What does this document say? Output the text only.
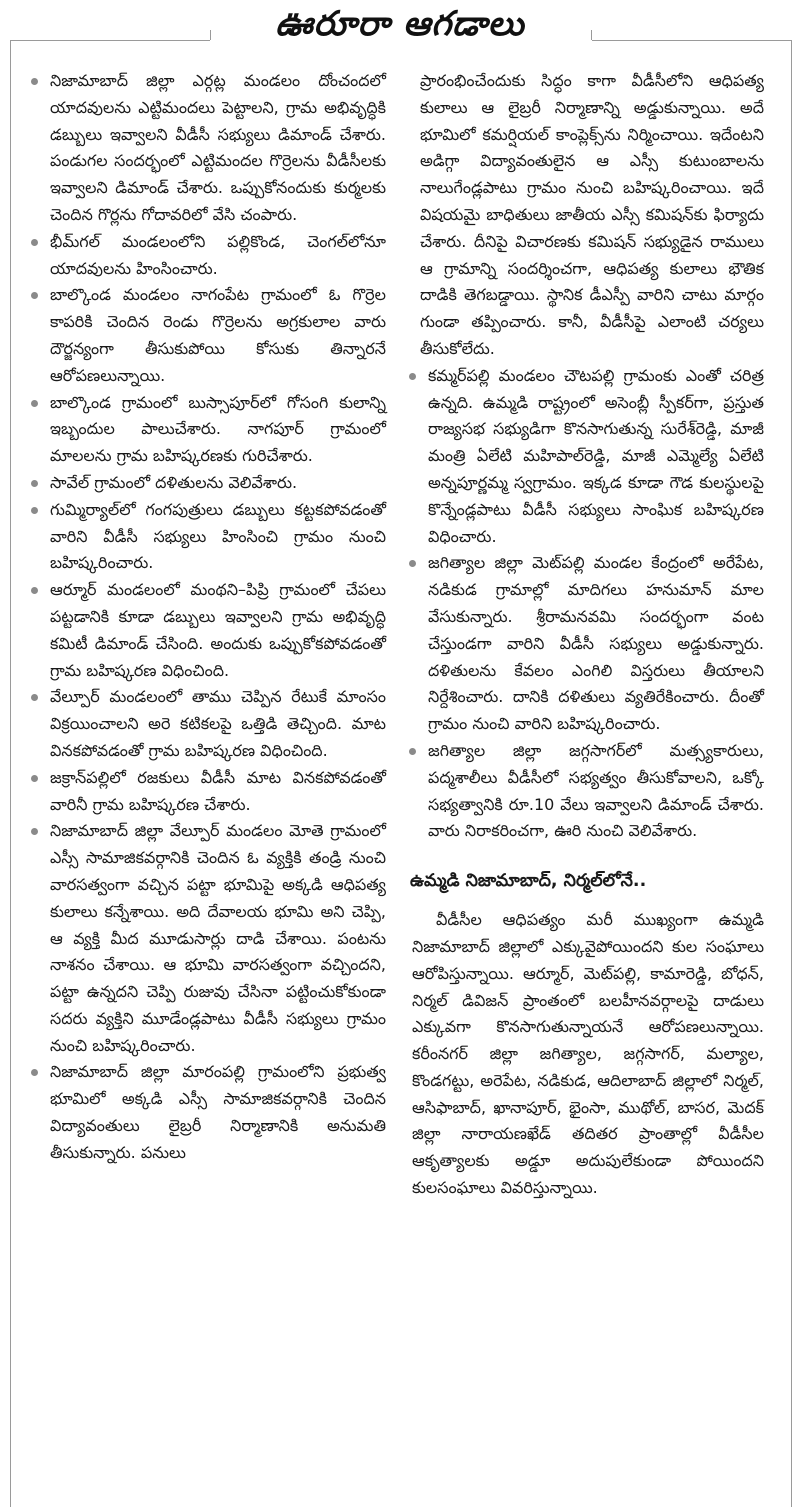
ఊరూరా ఆగడాలు
నిజామాబాద్ జిల్లా ఎర్గట్ల మండలం దోంచందలో యాదవులను ఎట్టిమందలు పెట్టాలని, గ్రామ అభివృద్ధికి డబ్బులు ఇవ్వాలని వీడీసీ సభ్యులు డిమాండ్ చేశారు. పండుగల సందర్భంలో ఎట్టిమందల గొర్రెలను వీడీసీలకు ఇవ్వాలని డిమాండ్ చేశారు. ఒప్పుకోనందుకు కుర్మలకు చెందిన గొర్లను గోదావరిలో వేసి చంపారు.
భీమ్‌గల్ మండలంలోని పల్లికొండ, చెంగల్‌లోనూ యాదవులను హింసించారు.
బాల్కొండ మండలం నాగంపేట గ్రామంలో ఓ గొర్రెల కాపరికి చెందిన రెండు గొర్రెలను అగ్రకులాల వారు దౌర్జన్యంగా తీసుకుపోయి కోసుకు తిన్నారనే ఆరోపణలున్నాయి.
బాల్కొండ గ్రామంలో బుస్సాపూర్‌లో గోసంగి కులాన్ని ఇబ్బందుల పాలుచేశారు. నాగపూర్ గ్రామంలో మాలలను గ్రామ బహిష్కరణకు గురిచేశారు.
సావేల్ గ్రామంలో దళితులను వెలివేశారు.
గుమ్మిర్యాల్‌లో గంగపుత్రులు డబ్బులు కట్టకపోవడంతో వారిని వీడీసీ సభ్యులు హింసించి గ్రామం నుంచి బహిష్కరించారు.
ఆర్మూర్ మండలంలో మంథని–పిప్రి గ్రామంలో చేపలు పట్టడానికి కూడా డబ్బులు ఇవ్వాలని గ్రామ అభివృద్ధి కమిటీ డిమాండ్ చేసింది. అందుకు ఒప్పుకోకపోవడంతో గ్రామ బహిష్కరణ విధించింది.
వేల్పూర్ మండలంలో తాము చెప్పిన రేటుకే మాంసం విక్రయించాలని అరె కటికలపై ఒత్తిడి తెచ్చింది. మాట వినకపోవడంతో గ్రామ బహిష్కరణ విధించింది.
జక్రాన్‌పల్లిలో రజకులు వీడీసీ మాట వినకపోవడంతో వారినీ గ్రామ బహిష్కరణ చేశారు.
నిజామాబాద్ జిల్లా వేల్పూర్ మండలం మోతె గ్రామంలో ఎస్సీ సామాజికవర్గానికి చెందిన ఓ వ్యక్తికి తండ్రి నుంచి వారసత్వంగా వచ్చిన పట్టా భూమిపై అక్కడి ఆధిపత్య కులాలు కన్నేశాయి. అది దేవాలయ భూమి అని చెప్పి, ఆ వ్యక్తి మీద మూడుసార్లు దాడి చేశాయి. పంటను నాశనం చేశాయి. ఆ భూమి వారసత్వంగా వచ్చిందని, పట్టా ఉన్నదని చెప్పి రుజువు చేసినా పట్టించుకోకుండా సదరు వ్యక్తిని మూడేండ్లపాటు వీడీసీ సభ్యులు గ్రామం నుంచి బహిష్కరించారు.
నిజామాబాద్ జిల్లా మారంపల్లి గ్రామంలోని ప్రభుత్వ భూమిలో అక్కడి ఎస్సీ సామాజికవర్గానికి చెందిన విద్యావంతులు లైబ్రరీ నిర్మాణానికి అనుమతి తీసుకున్నారు. పనులు
ప్రారంభించేందుకు సిద్ధం కాగా వీడీసీలోని ఆధిపత్య కులాలు ఆ లైబ్రరీ నిర్మాణాన్ని అడ్డుకున్నాయి. అదే భూమిలో కమర్షియల్ కాంప్లెక్స్‌ను నిర్మించాయి. ఇదేంటని అడిగ్గా విద్యావంతులైన ఆ ఎస్సీ కుటుంబాలను నాలుగేండ్లపాటు గ్రామం నుంచి బహిష్కరించాయి. ఇదే విషయమై బాధితులు జాతీయ ఎస్సీ కమిషన్‌కు ఫిర్యాదు చేశారు. దీనిపై విచారణకు కమిషన్ సభ్యుడైన రాములు ఆ గ్రామాన్ని సందర్శించగా, ఆధిపత్య కులాలు భౌతిక దాడికి తెగబడ్డాయి. స్థానిక డీఎస్పీ వారిని చాటు మార్గం గుండా తప్పించారు. కానీ, వీడీసీపై ఎలాంటి చర్యలు తీసుకోలేదు.
కమ్మర్‌పల్లి మండలం చౌటపల్లి గ్రామంకు ఎంతో చరిత్ర ఉన్నది. ఉమ్మడి రాష్ట్రంలో అసెంబ్లీ స్పీకర్‌గా, ప్రస్తుత రాజ్యసభ సభ్యుడిగా కొనసాగుతున్న సురేశ్‌రెడ్డి, మాజీ మంత్రి ఏలేటి మహిపాల్‌రెడ్డి, మాజీ ఎమ్మెల్యే ఏలేటి అన్నపూర్ణమ్మ స్వగ్రామం. ఇక్కడ కూడా గౌడ కులస్థులపై కొన్నేండ్లపాటు వీడీసీ సభ్యులు సాంఘిక బహిష్కరణ విధించారు.
జగిత్యాల జిల్లా మెట్‌పల్లి మండల కేంద్రంలో అరేపేట, నడికుడ గ్రామాల్లో మాదిగలు హనుమాన్ మాల వేసుకున్నారు. శ్రీరామనవమి సందర్భంగా వంట చేస్తుండగా వారిని వీడీసీ సభ్యులు అడ్డుకున్నారు. దళితులను కేవలం ఎంగిలి విస్తరులు తీయాలని నిర్దేశించారు. దానికి దళితులు వ్యతిరేకించారు. దీంతో గ్రామం నుంచి వారిని బహిష్కరించారు.
జగిత్యాల జిల్లా జగ్గసాగర్‌లో మత్స్యకారులు, పద్మశాలీలు వీడీసీలో సభ్యత్వం తీసుకోవాలని, ఒక్కో సభ్యత్వానికి రూ.10 వేలు ఇవ్వాలని డిమాండ్ చేశారు. వారు నిరాకరించగా, ఊరి నుంచి వెలివేశారు.
ఉమ్మడి నిజామాబాద్, నిర్మల్‌లోనే..
వీడీసీల ఆధిపత్యం మరీ ముఖ్యంగా ఉమ్మడి నిజామాబాద్ జిల్లాలో ఎక్కువైపోయిందని కుల సంఘాలు ఆరోపిస్తున్నాయి. ఆర్మూర్, మెట్‌పల్లి, కామారెడ్డి, బోధన్, నిర్మల్ డివిజన్ ప్రాంతంలో బలహీనవర్గాలపై దాడులు ఎక్కువగా కొనసాగుతున్నాయనే ఆరోపణలున్నాయి. కరీంనగర్ జిల్లా జగిత్యాల, జగ్గసాగర్, మల్యాల, కొండగట్టు, అరెపేట, నడికుడ, ఆదిలాబాద్ జిల్లాలో నిర్మల్, ఆసిఫాబాద్, ఖానాపూర్, భైంసా, ముథోల్, బాసర, మెదక్ జిల్లా నారాయణఖేడ్ తదితర ప్రాంతాల్లో వీడీసీల ఆకృత్యాలకు అడ్డూ అదుపులేకుండా పోయిందని కులసంఘాలు వివరిస్తున్నాయి.
